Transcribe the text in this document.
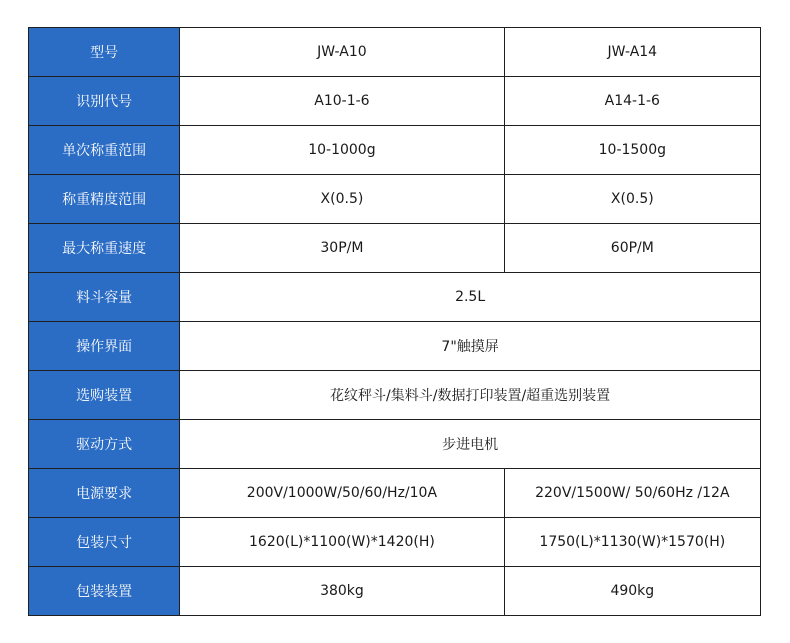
型号	JW-A10	JW-A14
识别代号	A10-1-6	A14-1-6
单次称重范围	10-1000g	10-1500g
称重精度范围	X(0.5)	X(0.5)
最大称重速度	30P/M	60P/M
料斗容量	2.5L	
操作界面	7"触摸屏	
选购装置	花纹秤斗/集料斗/数据打印装置/超重选别装置	
驱动方式	步进电机	
电源要求	200V/1000W/50/60/Hz/10A	220V/1500W/ 50/60Hz /12A
包装尺寸	1620(L)*1100(W)*1420(H)	1750(L)*1130(W)*1570(H)
包装装置	380kg	490kg
